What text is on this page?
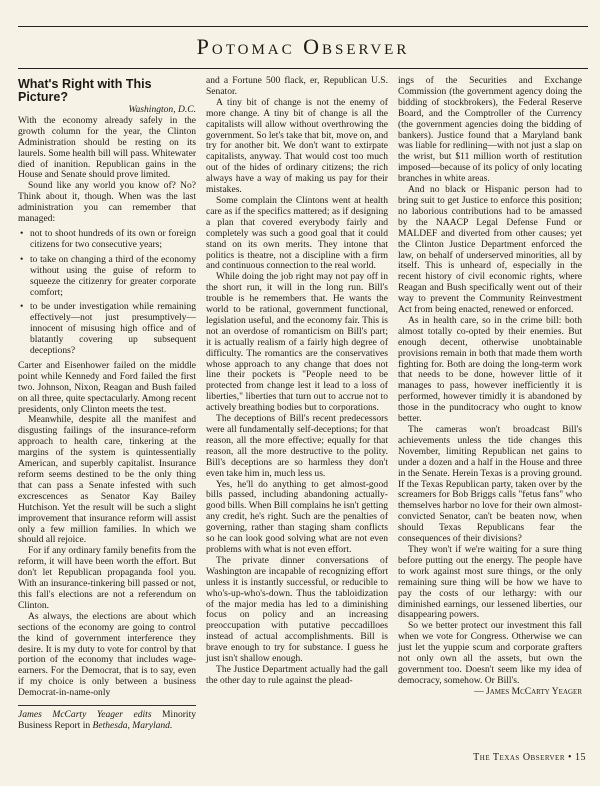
Potomac Observer
What's Right with This Picture?

Washington, D.C.

With the economy already safely in the growth column for the year, the Clinton Administration should be resting on its laurels. Some health bill will pass. Whitewater died of inanition. Republican gains in the House and Senate should prove limited.

Sound like any world you know of? No? Think about it, though. When was the last administration you can remember that managed:

• not to shoot hundreds of its own or foreign citizens for two consecutive years;
• to take on changing a third of the economy without using the guise of reform to squeeze the citizenry for greater corporate comfort;
• to be under investigation while remaining effectively—not just presumptively—innocent of misusing high office and of blatantly covering up subsequent deceptions?

Carter and Eisenhower failed on the middle point while Kennedy and Ford failed the first two. Johnson, Nixon, Reagan and Bush failed on all three, quite spectacularly. Among recent presidents, only Clinton meets the test.

Meanwhile, despite all the manifest and disgusting failings of the insurance-reform approach to health care, tinkering at the margins of the system is quintessentially American, and superbly capitalist. Insurance reform seems destined to be the only thing that can pass a Senate infested with such excrescences as Senator Kay Bailey Hutchison. Yet the result will be such a slight improvement that insurance reform will assist only a few million families. In which we should all rejoice.

For if any ordinary family benefits from the reform, it will have been worth the effort. But don't let Republican propaganda fool you. With an insurance-tinkering bill passed or not, this fall's elections are not a referendum on Clinton.

As always, the elections are about which sections of the economy are going to control the kind of government interference they desire. It is my duty to vote for control by that portion of the economy that includes wage-earners. For the Democrat, that is to say, even if my choice is only between a business Democrat-in-name-only

James McCarty Yeager edits Minority Business Report in Bethesda, Maryland.

and a Fortune 500 flack, er, Republican U.S. Senator.

A tiny bit of change is not the enemy of more change. A tiny bit of change is all the capitalists will allow without overthrowing the government. So let's take that bit, move on, and try for another bit. We don't want to extirpate capitalists, anyway. That would cost too much out of the hides of ordinary citizens; the rich always have a way of making us pay for their mistakes.

Some complain the Clintons went at health care as if the specifics mattered; as if designing a plan that covered everybody fairly and completely was such a good goal that it could stand on its own merits. They intone that politics is theatre, not a discipline with a firm and continuous connection to the real world.

While doing the job right may not pay off in the short run, it will in the long run. Bill's trouble is he remembers that. He wants the world to be rational, government functional, legislation useful, and the economy fair. This is not an overdose of romanticism on Bill's part; it is actually realism of a fairly high degree of difficulty. The romantics are the conservatives whose approach to any change that does not line their pockets is "People need to be protected from change lest it lead to a loss of liberties," liberties that turn out to accrue not to actively breathing bodies but to corporations.

The deceptions of Bill's recent predecessors were all fundamentally self-deceptions; for that reason, all the more effective; equally for that reason, all the more destructive to the polity. Bill's deceptions are so harmless they don't even take him in, much less us.

Yes, he'll do anything to get almost-good bills passed, including abandoning actually-good bills. When Bill complains he isn't getting any credit, he's right. Such are the penalties of governing, rather than staging sham conflicts so he can look good solving what are not even problems with what is not even effort.

The private dinner conversations of Washington are incapable of recognizing effort unless it is instantly successful, or reducible to who's-up-who's-down. Thus the tabloidization of the major media has led to a diminishing focus on policy and an increasing preoccupation with putative peccadilloes instead of actual accomplishments. Bill is brave enough to try for substance. I guess he just isn't shallow enough.

The Justice Department actually had the gall the other day to rule against the plead-

ings of the Securities and Exchange Commission (the government agency doing the bidding of stockbrokers), the Federal Reserve Board, and the Comptroller of the Currency (the government agencies doing the bidding of bankers). Justice found that a Maryland bank was liable for redlining—with not just a slap on the wrist, but $11 million worth of restitution imposed—because of its policy of only locating branches in white areas.

And no black or Hispanic person had to bring suit to get Justice to enforce this position; no laborious contributions had to be amassed by the NAACP Legal Defense Fund or MALDEF and diverted from other causes; yet the Clinton Justice Department enforced the law, on behalf of underserved minorities, all by itself. This is unheard of, especially in the recent history of civil economic rights, where Reagan and Bush specifically went out of their way to prevent the Community Reinvestment Act from being enacted, renewed or enforced.

As in health care, so in the crime bill: both almost totally co-opted by their enemies. But enough decent, otherwise unobtainable provisions remain in both that made them worth fighting for. Both are doing the long-term work that needs to be done, however little of it manages to pass, however inefficiently it is performed, however timidly it is abandoned by those in the punditocracy who ought to know better.

The cameras won't broadcast Bill's achievements unless the tide changes this November, limiting Republican net gains to under a dozen and a half in the House and three in the Senate. Herein Texas is a proving ground. If the Texas Republican party, taken over by the screamers for Bob Briggs calls "fetus fans" who themselves harbor no love for their own almost-convicted Senator, can't be beaten now, when should Texas Republicans fear the consequences of their divisions?

They won't if we're waiting for a sure thing before putting out the energy. The people have to work against most sure things, or the only remaining sure thing will be how we have to pay the costs of our lethargy: with our diminished earnings, our lessened liberties, our disappearing powers.

So we better protect our investment this fall when we vote for Congress. Otherwise we can just let the yuppie scum and corporate grafters not only own all the assets, but own the government too. Doesn't seem like my idea of democracy, somehow. Or Bill's.

— James McCarty Yeager

The Texas Observer • 15
